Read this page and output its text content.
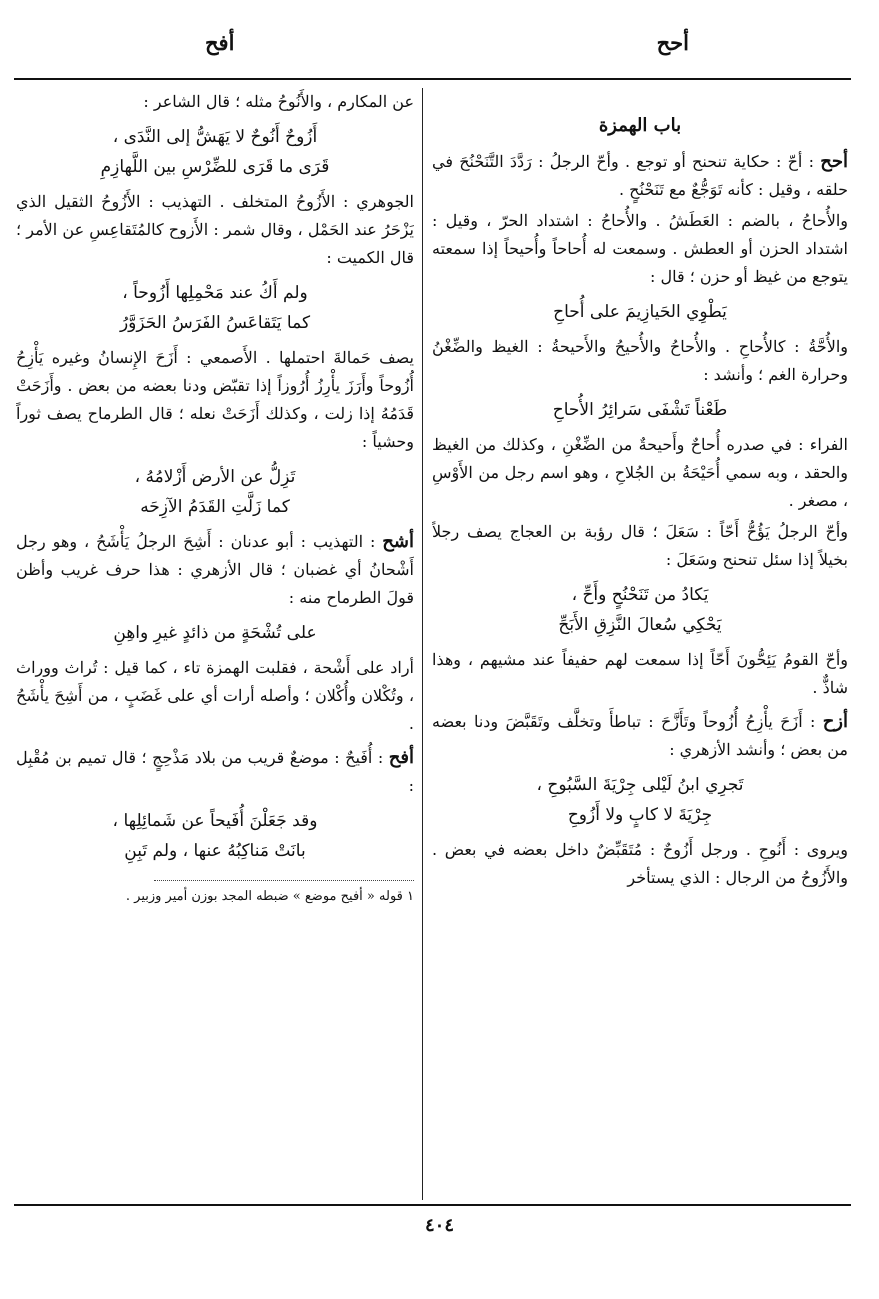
أحح
أفح

باب الهمزة

أحح : أحّ : حكاية تنحنح أو توجع . وأحّ الرجلُ : رَدَّدَ التَّنَحْنُحَ في حلقه ، وقيل : كأنه تَوَجُّعٌ مع تَنَحْنُحٍ .

والأُحاحُ ، بالضم : العَطَشُ . والأُحاحُ : اشتداد الحرّ ، وقيل : اشتداد الحزن أو العطش . وسمعت له أُحاحاً وأُحيحاً إذا سمعته يتوجع من غيظ أو حزن ؛ قال :

يَطْوِي الحَيازِيمَ على أُحاحِ

والأُحَّةُ : كالأُحاحِ . والأُحاحُ والأُحيحُ والأَحيحةُ : الغيظ والضِّغْنُ وحرارة الغم ؛ وأنشد :

طَعْناً تَشْفَى سَرائِرُ الأُحاحِ

الفراء : في صدره أُحاحٌ وأَحيحةٌ من الضِّغْنِ ، وكذلك من الغيظ والحقد ، وبه سمي أُحَيْحَةُ بن الجُلاحِ ، وهو اسم رجل من الأَوْسِ ، مصغر .

وأحّ الرجلُ يَؤُحُّ أَحّاً : سَعَلَ ؛ قال رؤبة بن العجاج يصف رجلاً بخيلاً إذا سئل تنحنح وسَعَلَ :

يَكادُ من تَنَحْنُحٍ وأَحِّ ،
يَحْكِي سُعالَ النَّزِقِ الأَبَحِّ

وأحّ القومُ يَئِحُّونَ أَحّاً إذا سمعت لهم حفيفاً عند مشيهم ، وهذا شاذٌّ .

أزح : أَزَحَ يأْزِحُ أُزُوحاً وتَأَزَّحَ : تباطأَ وتخلَّف وتَقَبَّضَ ودنا بعضه من بعض ؛ وأنشد الأزهري :

تَجرِي ابنُ لَيْلى جِرْيَةَ السَّبُوحِ ،
جِرْيَةَ لا كابٍ ولا أَزُوحِ

ويروى : أَنُوحِ . ورجل أَزُوحٌ : مُتَقَبِّضٌ داخل بعضه في بعض . والأَزُوحُ من الرجال : الذي يستأخر

عن المكارم ، والأَنُوحُ مثله ؛ قال الشاعر :

أَزُوحٌ أَنُوحٌ لا يَهَشُّ إلى النَّدَى ،
قَرَى ما قَرَى للضِّرْسِ بين اللَّهازِمِ

الجوهري : الأَزُوحُ المتخلف . التهذيب : الأَزُوحُ الثقيل الذي يَزْحَرُ عند الحَمْل ، وقال شمر : الأَزوح كالمُتَقاعِسِ عن الأمر ؛ قال الكميت :

ولم أَكُ عند مَحْمِلِها أَزُوحاً ،
كما يَتَقاعَسُ الفَرَسُ الحَزَوَّرُ

يصف حَمالةَ احتملها . الأَصمعي : أَزَحَ الإِنسانُ وغيره يَأْزِحُ أُزُوحاً وأَرَزَ يأْرِزُ أُرُوزاً إذا تقبّض ودنا بعضه من بعض . وأَزَحَتْ قَدَمُهُ إذا زلت ، وكذلك أَزَحَتْ نعله ؛ قال الطرماح يصف ثوراً وحشياً :

تَزِلُّ عن الأرض أَزْلامُهُ ،
كما زَلَّتِ القَدَمُ الآزِحَه

أشح : التهذيب : أبو عدنان : أَشِحَ الرجلُ يَأْشَحُ ، وهو رجل أَشْحانُ أي غضبان ؛ قال الأزهري : هذا حرف غريب وأظن قولَ الطرماح منه :

على تُشْحَةٍ من ذائدٍ غيرِ واهِنِ

أراد على أَشْحة ، فقلبت الهمزة تاء ، كما قيل : تُراث ووراث ، وتُكْلان وأُكْلان ؛ وأصله أرات أي على غَضَبٍ ، من أَشِحَ يأْشَحُ .

أفح : أُفَيحٌ : موضعٌ قريب من بلاد مَذْحِجٍ ؛ قال تميم بن مُقْبِل :

وقد جَعَلْنَ أُفَيحاً عن شَمائِلِها ،
بانَتْ مَناكِبُهُ عنها ، ولم تَبِنِ

١ قوله « أفيح موضع » ضبطه المجد بوزن أمير وزبير .

٤٠٤
